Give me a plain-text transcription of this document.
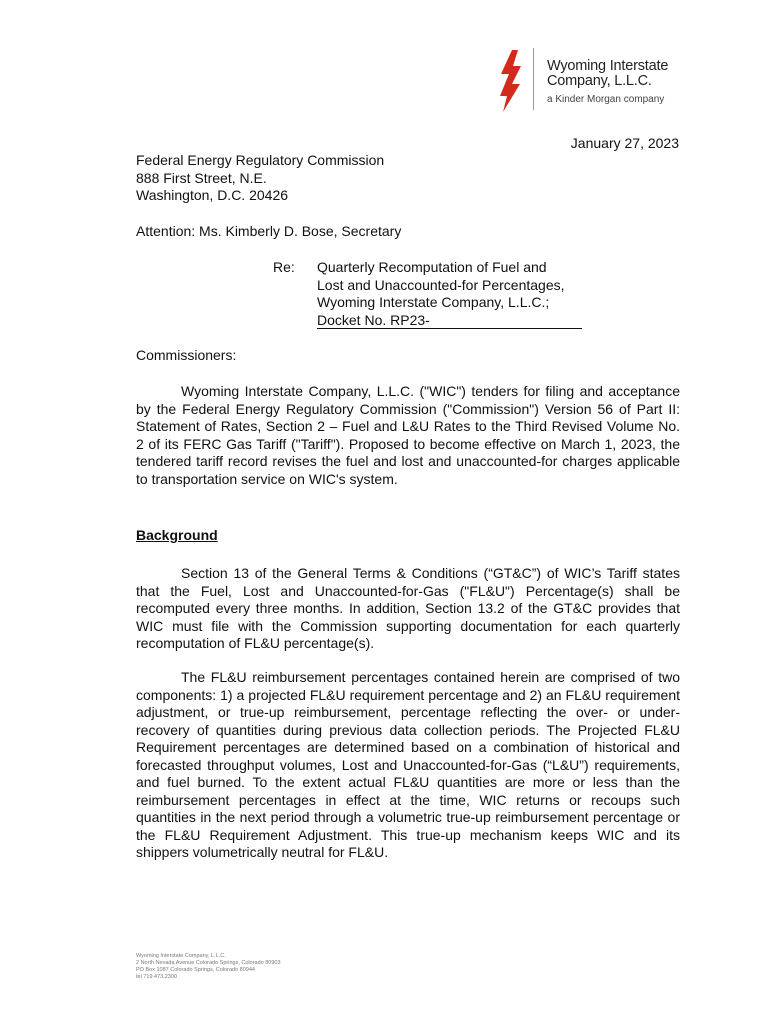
Wyoming Interstate
Company, L.L.C.
a Kinder Morgan company
January 27, 2023
Federal Energy Regulatory Commission
888 First Street, N.E.
Washington, D.C. 20426
Attention: Ms. Kimberly D. Bose, Secretary
Re: Quarterly Recomputation of Fuel and
Lost and Unaccounted-for Percentages,
Wyoming Interstate Company, L.L.C.;
Docket No. RP23-
Commissioners:

Wyoming Interstate Company, L.L.C. ("WIC") tenders for filing and acceptance by the Federal Energy Regulatory Commission ("Commission") Version 56 of Part II: Statement of Rates, Section 2 – Fuel and L&U Rates to the Third Revised Volume No. 2 of its FERC Gas Tariff ("Tariff"). Proposed to become effective on March 1, 2023, the tendered tariff record revises the fuel and lost and unaccounted-for charges applicable to transportation service on WIC's system.

Background

Section 13 of the General Terms & Conditions (“GT&C”) of WIC’s Tariff states that the Fuel, Lost and Unaccounted-for-Gas ("FL&U") Percentage(s) shall be recomputed every three months. In addition, Section 13.2 of the GT&C provides that WIC must file with the Commission supporting documentation for each quarterly recomputation of FL&U percentage(s).

The FL&U reimbursement percentages contained herein are comprised of two components: 1) a projected FL&U requirement percentage and 2) an FL&U requirement adjustment, or true-up reimbursement, percentage reflecting the over- or under-recovery of quantities during previous data collection periods. The Projected FL&U Requirement percentages are determined based on a combination of historical and forecasted throughput volumes, Lost and Unaccounted-for-Gas (“L&U”) requirements, and fuel burned. To the extent actual FL&U quantities are more or less than the reimbursement percentages in effect at the time, WIC returns or recoups such quantities in the next period through a volumetric true-up reimbursement percentage or the FL&U Requirement Adjustment. This true-up mechanism keeps WIC and its shippers volumetrically neutral for FL&U.

Wyoming Interstate Company, L.L.C.
2 North Nevada Avenue Colorado Springs, Colorado 80903
PO Box 1087 Colorado Springs, Colorado 80944
tel 719.473.2300
